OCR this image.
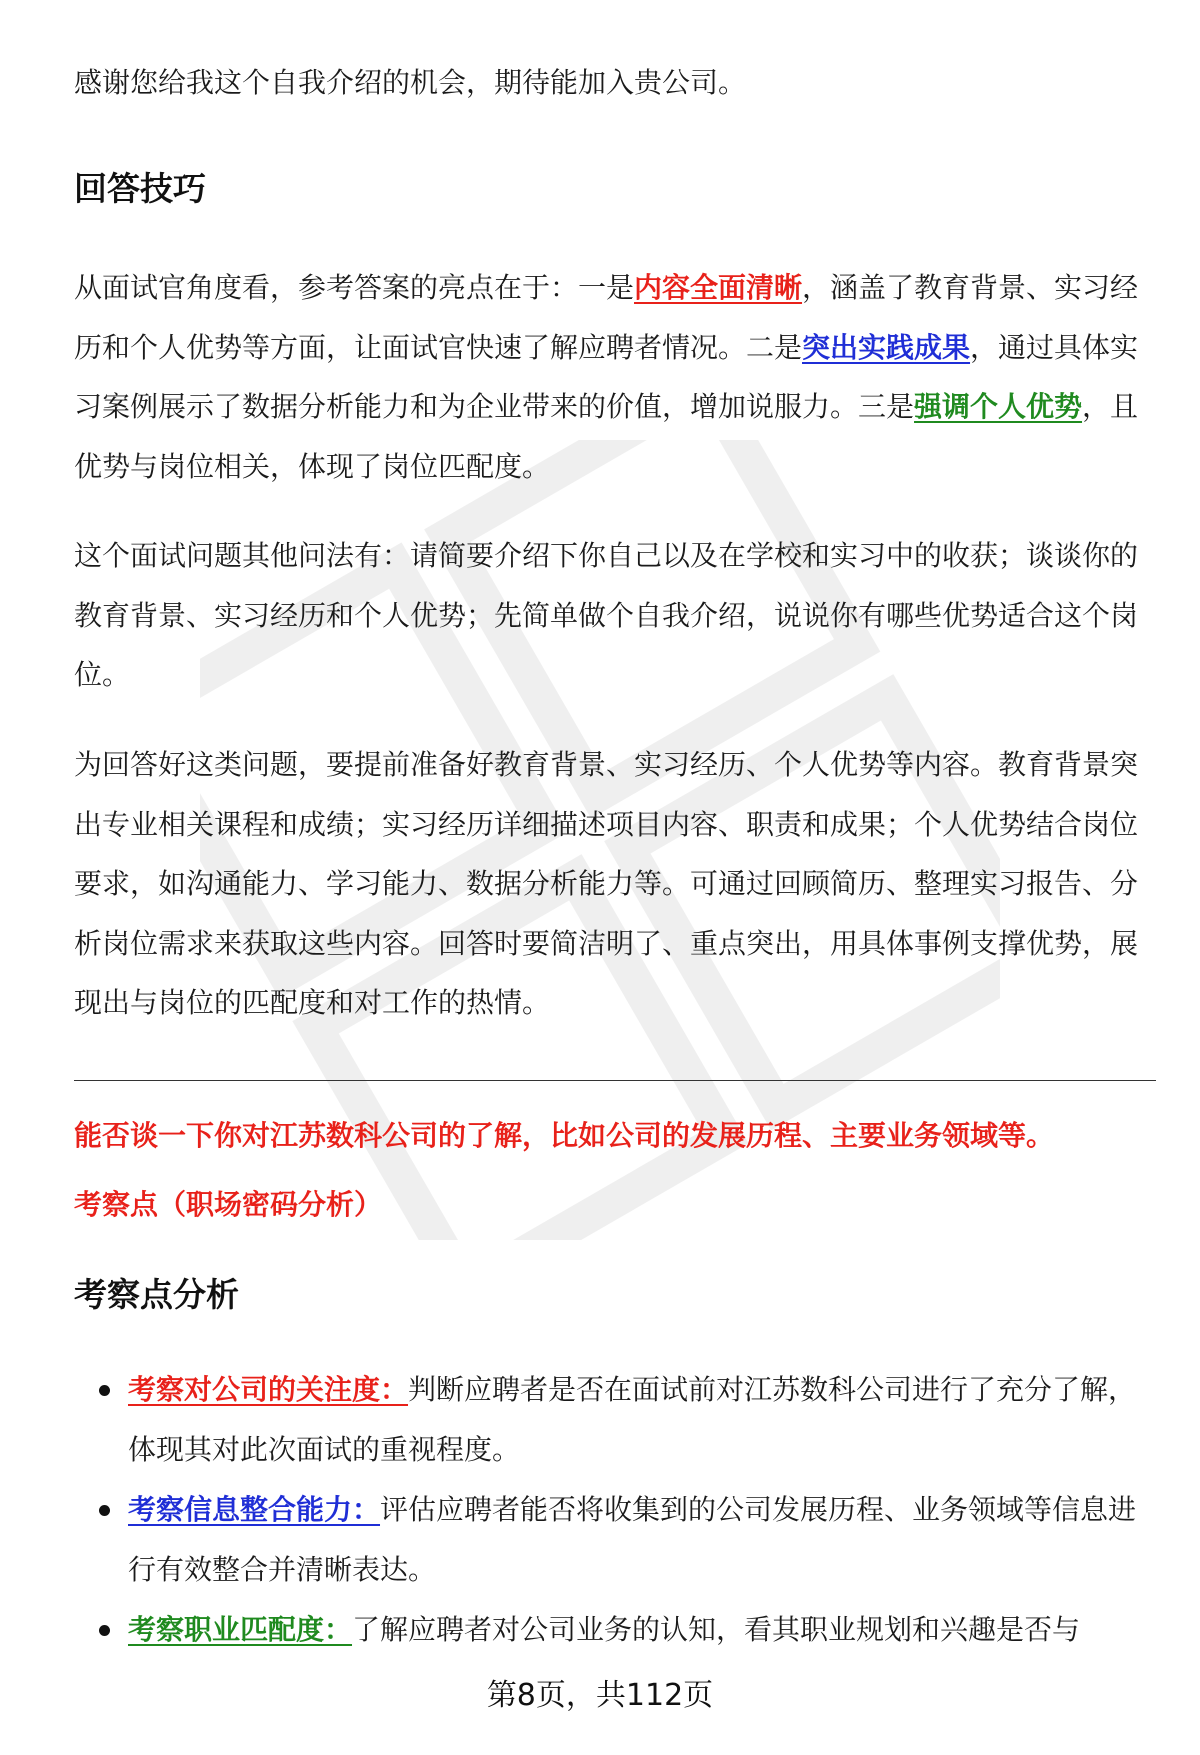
感谢您给我这个自我介绍的机会，期待能加入贵公司。

回答技巧

从面试官角度看，参考答案的亮点在于：一是内容全面清晰，涵盖了教育背景、实习经历和个人优势等方面，让面试官快速了解应聘者情况。二是突出实践成果，通过具体实习案例展示了数据分析能力和为企业带来的价值，增加说服力。三是强调个人优势，且优势与岗位相关，体现了岗位匹配度。

这个面试问题其他问法有：请简要介绍下你自己以及在学校和实习中的收获；谈谈你的教育背景、实习经历和个人优势；先简单做个自我介绍，说说你有哪些优势适合这个岗位。

为回答好这类问题，要提前准备好教育背景、实习经历、个人优势等内容。教育背景突出专业相关课程和成绩；实习经历详细描述项目内容、职责和成果；个人优势结合岗位要求，如沟通能力、学习能力、数据分析能力等。可通过回顾简历、整理实习报告、分析岗位需求来获取这些内容。回答时要简洁明了、重点突出，用具体事例支撑优势，展现出与岗位的匹配度和对工作的热情。

能否谈一下你对江苏数科公司的了解，比如公司的发展历程、主要业务领域等。

考察点（职场密码分析）

考察点分析
考察对公司的关注度：判断应聘者是否在面试前对江苏数科公司进行了充分了解，体现其对此次面试的重视程度。
考察信息整合能力：评估应聘者能否将收集到的公司发展历程、业务领域等信息进行有效整合并清晰表达。
考察职业匹配度：了解应聘者对公司业务的认知，看其职业规划和兴趣是否与
第8页，共112页
